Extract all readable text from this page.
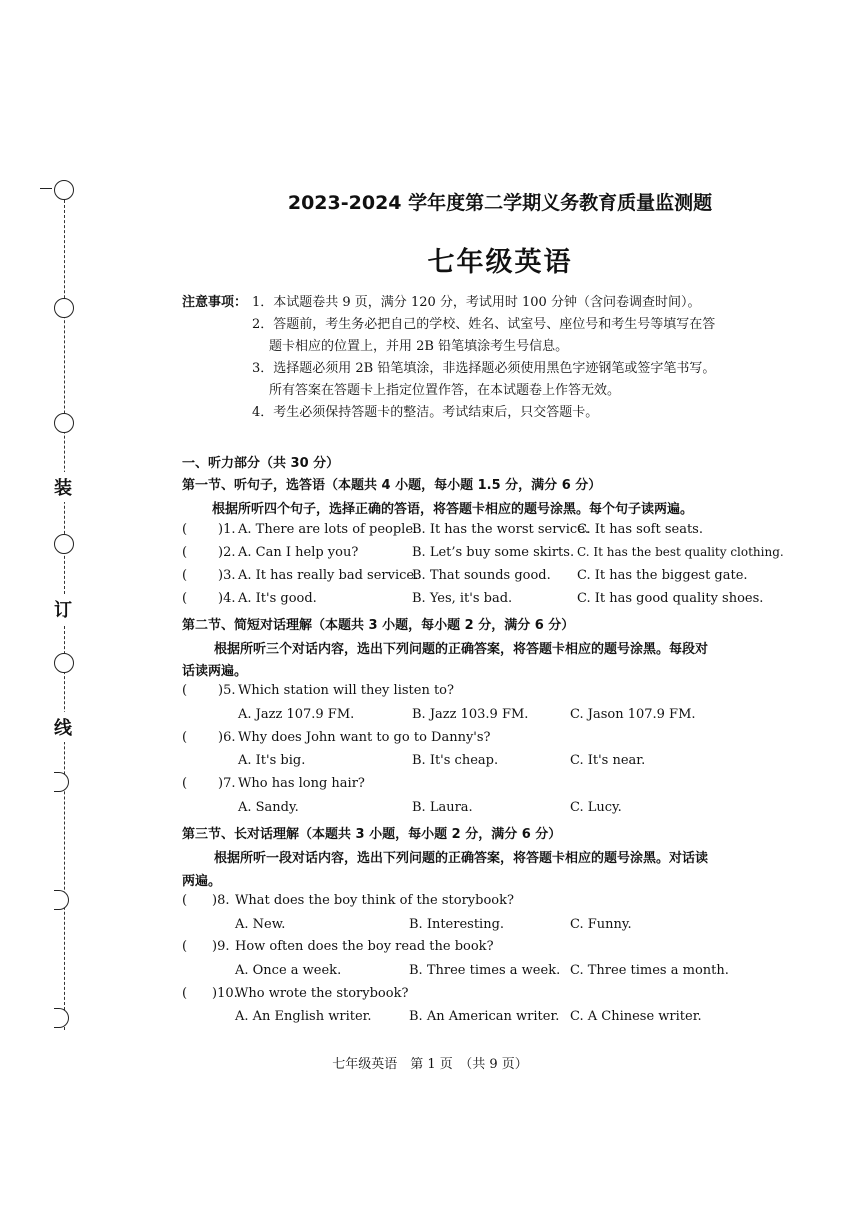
装
订
线
2023-2024 学年度第二学期义务教育质量监测题
七年级英语
注意事项： 1．本试题卷共 9 页，满分 120 分，考试用时 100 分钟（含问卷调查时间）。
2．答题前，考生务必把自己的学校、姓名、试室号、座位号和考生号等填写在答
题卡相应的位置上，并用 2B 铅笔填涂考生号信息。
3．选择题必须用 2B 铅笔填涂，非选择题必须使用黑色字迹钢笔或签字笔书写。
所有答案在答题卡上指定位置作答，在本试题卷上作答无效。
4．考生必须保持答题卡的整洁。考试结束后，只交答题卡。
一、听力部分（共 30 分）
第一节、听句子，选答语（本题共 4 小题，每小题 1.5 分，满分 6 分）
根据所听四个句子，选择正确的答语，将答题卡相应的题号涂黑。每个句子读两遍。
( )1. A. There are lots of people.
B. It has the worst service.
C. It has soft seats.
( )2. A. Can I help you?	B. Let’s buy some skirts. C. It has the best quality clothing.
( )3. A. It has really bad service.
B. That sounds good. C. It has the biggest gate.
( )4. A. It's good.	B. Yes, it's bad.	C. It has good quality shoes.
第二节、简短对话理解（本题共 3 小题，每小题 2 分，满分 6 分）
根据所听三个对话内容，选出下列问题的正确答案，将答题卡相应的题号涂黑。每段对
话读两遍。
( )5. Which station will they listen to?
A. Jazz 107.9 FM.	B. Jazz 103.9 FM.	C. Jason 107.9 FM.
( )6. Why does John want to go to Danny's?
A. It's big.	B. It's cheap.	C. It's near.
( )7. Who has long hair?
A. Sandy.	B. Laura.	C. Lucy.
第三节、长对话理解（本题共 3 小题，每小题 2 分，满分 6 分）
根据所听一段对话内容，选出下列问题的正确答案，将答题卡相应的题号涂黑。对话读
两遍。
( )8. What does the boy think of the storybook?
A. New.	B. Interesting.	C. Funny.
( )9. How often does the boy read the book?
A. Once a week.	B. Three times a week. C. Three times a month.
( )10.
Who wrote the storybook?
A. An English writer.	B. An American writer. C. A Chinese writer.
七年级英语　第 1 页　（共 9 页）
